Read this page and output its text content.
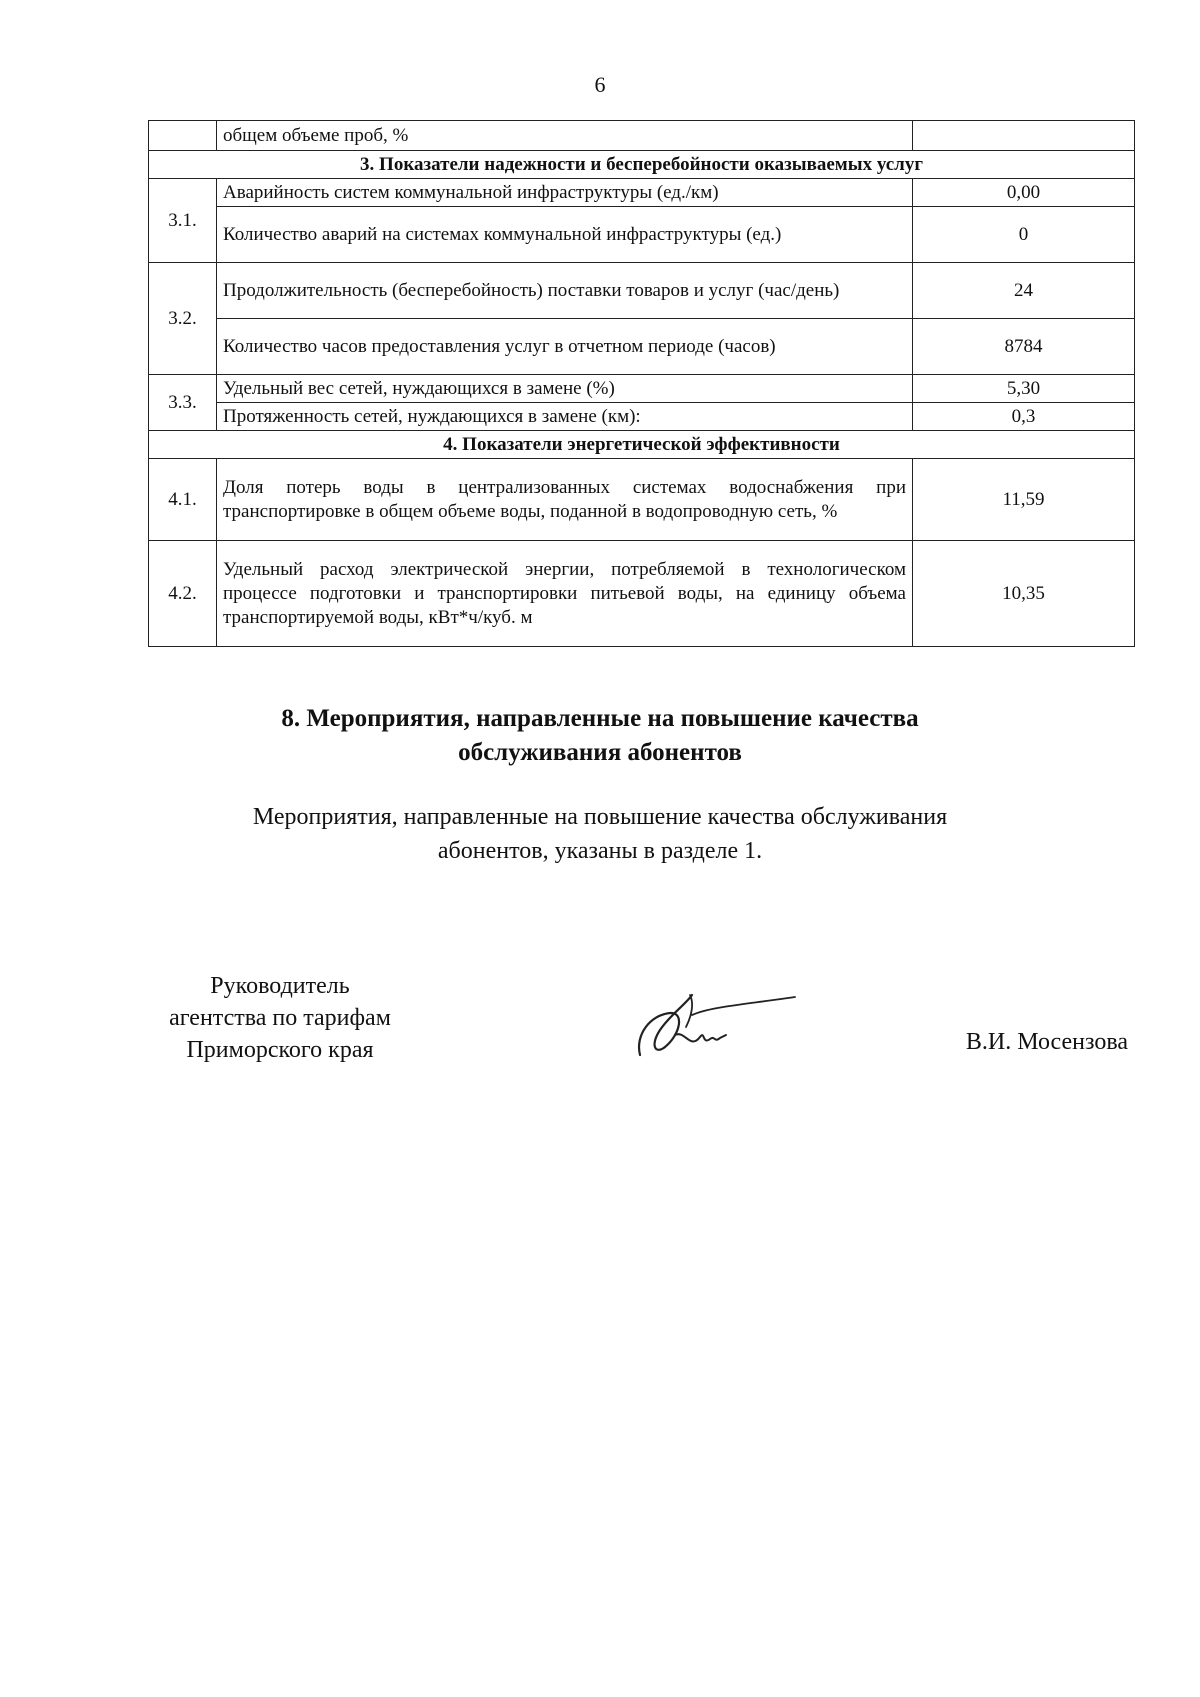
6
	общем объеме проб, %	
3. Показатели надежности и бесперебойности оказываемых услуг		
3.1.	Аварийность систем коммунальной инфраструктуры (ед./км)	0,00
	Количество аварий на системах коммунальной инфраструктуры (ед.)	0
3.2.	Продолжительность (бесперебойность) поставки товаров и услуг (час/день)	24
	Количество часов предоставления услуг в отчетном периоде (часов)	8784
3.3.	Удельный вес сетей, нуждающихся в замене (%)	5,30
	Протяженность сетей, нуждающихся в замене (км):	0,3
4. Показатели энергетической эффективности		
4.1.	Доля потерь воды в централизованных системах водоснабжения при транспортировке в общем объеме воды, поданной в водопроводную сеть, %	11,59
4.2.	Удельный расход электрической энергии, потребляемой в технологическом процессе подготовки и транспортировки питьевой воды, на единицу объема транспортируемой воды, кВт*ч/куб. м	10,35
8. Мероприятия, направленные на повышение качества
обслуживания абонентов
Мероприятия, направленные на повышение качества обслуживания
абонентов, указаны в разделе 1.
Руководитель
агентства по тарифам
Приморского края	В.И. Мосензова
